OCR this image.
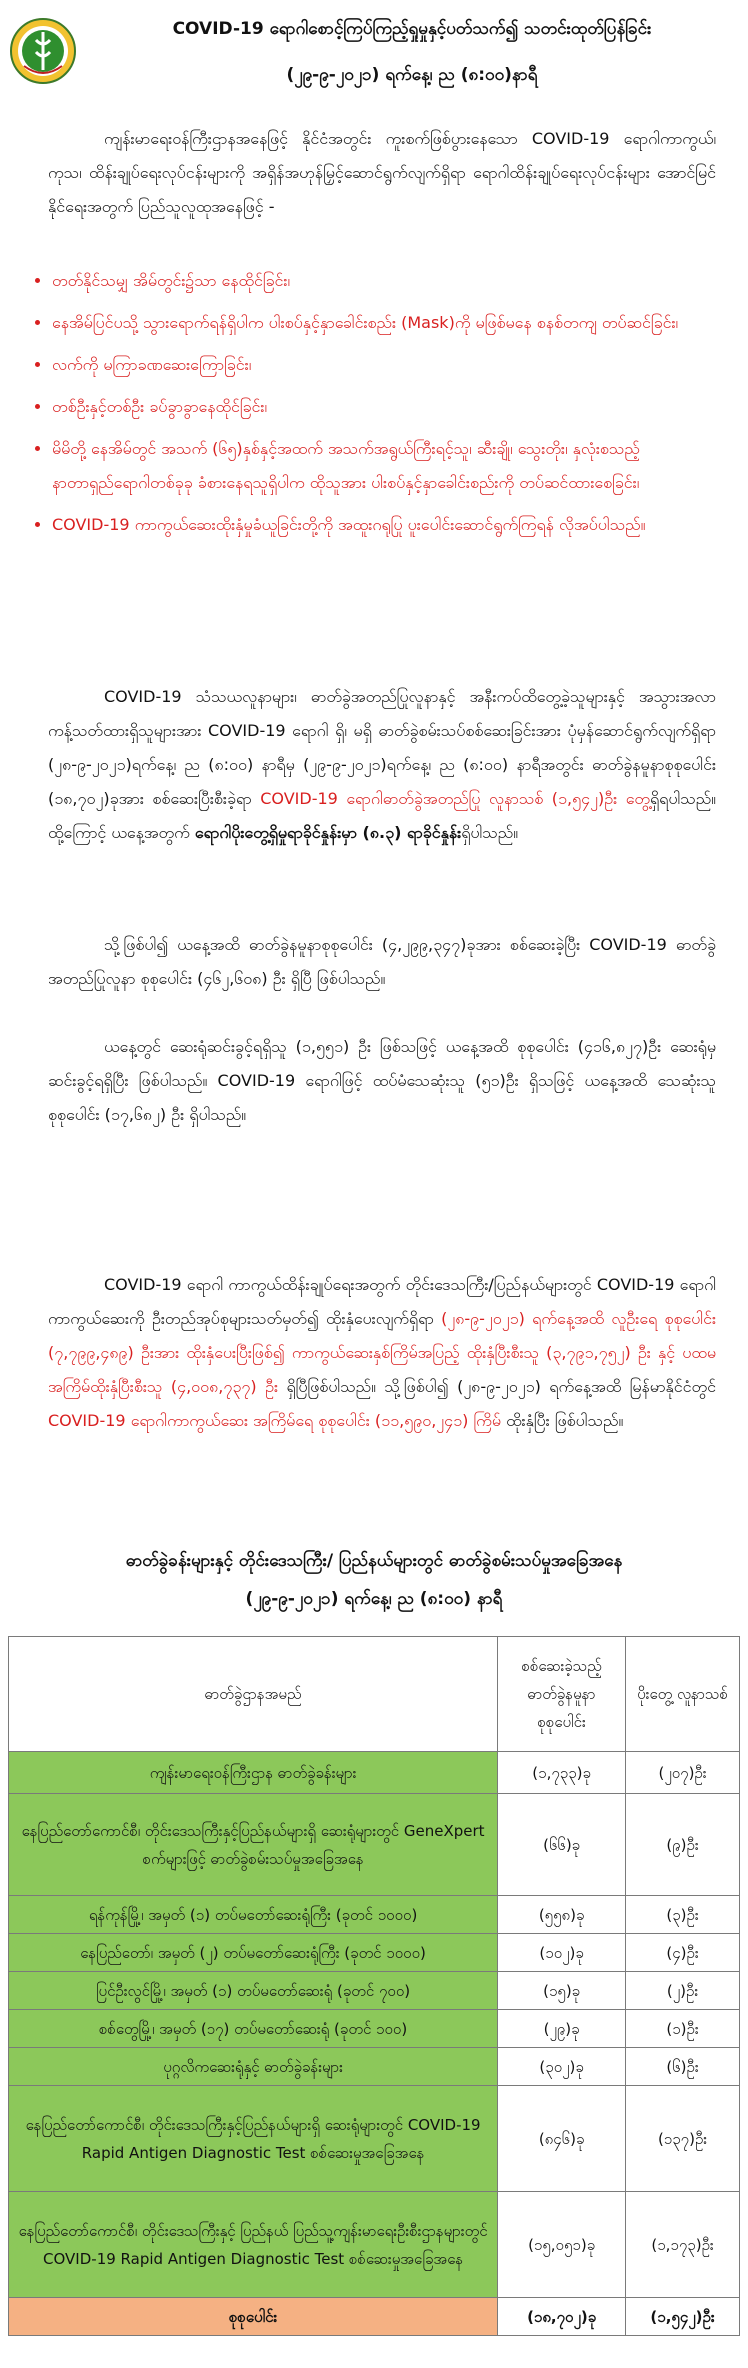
COVID-19 ရောဂါစောင့်ကြပ်ကြည့်ရှုမှုနှင့်ပတ်သက်၍ သတင်းထုတ်ပြန်ခြင်း
(၂၉-၉-၂၀၂၁) ရက်နေ့၊ ည (၈:၀၀)နာရီ
ကျန်းမာရေးဝန်ကြီးဌာနအနေဖြင့် နိုင်ငံအတွင်း ကူးစက်ဖြစ်ပွားနေသော COVID-19 ရောဂါကာကွယ်၊ ကုသ၊ ထိန်းချုပ်ရေးလုပ်ငန်းများကို အရှိန်အဟုန်မြှင့်ဆောင်ရွက်လျက်ရှိရာ ရောဂါထိန်းချုပ်ရေးလုပ်ငန်းများ အောင်မြင်နိုင်ရေးအတွက် ပြည်သူလူထုအနေဖြင့် -
• တတ်နိုင်သမျှ အိမ်တွင်း၌သာ နေထိုင်ခြင်း၊
• နေအိမ်ပြင်ပသို့ သွားရောက်ရန်ရှိပါက ပါးစပ်နှင့်နှာခေါင်းစည်း (Mask)ကို မဖြစ်မနေ စနစ်တကျ တပ်ဆင်ခြင်း၊
• လက်ကို မကြာခဏဆေးကြောခြင်း၊
• တစ်ဦးနှင့်တစ်ဦး ခပ်ခွာခွာနေထိုင်ခြင်း၊
• မိမိတို့ နေအိမ်တွင် အသက် (၆၅)နှစ်နှင့်အထက် အသက်အရွယ်ကြီးရင့်သူ၊ ဆီးချို၊ သွေးတိုး၊ နှလုံးစသည့် နာတာရှည်ရောဂါတစ်ခုခု ခံစားနေရသူရှိပါက ထိုသူအား ပါးစပ်နှင့်နှာခေါင်းစည်းကို တပ်ဆင်ထားစေခြင်း၊
• COVID-19 ကာကွယ်ဆေးထိုးနှံမှုခံယူခြင်းတို့ကို အထူးဂရုပြု ပူးပေါင်းဆောင်ရွက်ကြရန် လိုအပ်ပါသည်။
COVID-19 သံသယလူနာများ၊ ဓာတ်ခွဲအတည်ပြုလူနာနှင့် အနီးကပ်ထိတွေ့ခဲ့သူများနှင့် အသွားအလာကန့်သတ်ထားရှိသူများအား COVID-19 ရောဂါ ရှိ၊ မရှိ ဓာတ်ခွဲစမ်းသပ်စစ်ဆေးခြင်းအား ပုံမှန်ဆောင်ရွက်လျက်ရှိရာ (၂၈-၉-၂၀၂၁)ရက်နေ့၊ ည (၈:၀၀) နာရီမှ (၂၉-၉-၂၀၂၁)ရက်နေ့၊ ည (၈:၀၀) နာရီအတွင်း ဓာတ်ခွဲနမူနာစုစုပေါင်း (၁၈,၇၀၂)ခုအား စစ်ဆေးပြီးစီးခဲ့ရာ COVID-19 ရောဂါဓာတ်ခွဲအတည်ပြု လူနာသစ် (၁,၅၄၂)ဦး တွေ့ရှိရပါသည်။ ထို့ကြောင့် ယနေ့အတွက် ရောဂါပိုးတွေ့ရှိမှုရာခိုင်နှုန်းမှာ (၈.၃) ရာခိုင်နှုန်းရှိပါသည်။
သို့ဖြစ်ပါ၍ ယနေ့အထိ ဓာတ်ခွဲနမူနာစုစုပေါင်း (၄,၂၉၉,၃၄၇)ခုအား စစ်ဆေးခဲ့ပြီး COVID-19 ဓာတ်ခွဲ အတည်ပြုလူနာ စုစုပေါင်း (၄၆၂,၆၀၈) ဦး ရှိပြီ ဖြစ်ပါသည်။
ယနေ့တွင် ဆေးရုံဆင်းခွင့်ရရှိသူ (၁,၅၅၁) ဦး ဖြစ်သဖြင့် ယနေ့အထိ စုစုပေါင်း (၄၁၆,၈၂၇)ဦး ဆေးရုံမှ ဆင်းခွင့်ရရှိပြီး ဖြစ်ပါသည်။ COVID-19 ရောဂါဖြင့် ထပ်မံသေဆုံးသူ (၅၁)ဦး ရှိသဖြင့် ယနေ့အထိ သေဆုံးသူစုစုပေါင်း (၁၇,၆၈၂) ဦး ရှိပါသည်။
COVID-19 ရောဂါ ကာကွယ်ထိန်းချုပ်ရေးအတွက် တိုင်းဒေသကြီး/ပြည်နယ်များတွင် COVID-19 ရောဂါကာကွယ်ဆေးကို ဦးတည်အုပ်စုများသတ်မှတ်၍ ထိုးနှံပေးလျက်ရှိရာ (၂၈-၉-၂၀၂၁) ရက်နေ့အထိ လူဦးရေ စုစုပေါင်း (၇,၇၉၉,၄၈၉) ဦးအား ထိုးနှံပေးပြီးဖြစ်၍ ကာကွယ်ဆေးနှစ်ကြိမ်အပြည့် ထိုးနှံပြီးစီးသူ (၃,၇၉၁,၇၅၂) ဦး နှင့် ပထမအကြိမ်ထိုးနှံပြီးစီးသူ (၄,၀၀၈,၇၃၇) ဦး ရှိပြီဖြစ်ပါသည်။ သို့ဖြစ်ပါ၍ (၂၈-၉-၂၀၂၁) ရက်နေ့အထိ မြန်မာနိုင်ငံတွင် COVID-19 ရောဂါကာကွယ်ဆေး အကြိမ်ရေ စုစုပေါင်း (၁၁,၅၉၀,၂၄၁) ကြိမ် ထိုးနှံပြီး ဖြစ်ပါသည်။
ဓာတ်ခွဲခန်းများနှင့် တိုင်းဒေသကြီး/ ပြည်နယ်များတွင် ဓာတ်ခွဲစမ်းသပ်မှုအခြေအနေ
(၂၉-၉-၂၀၂၁) ရက်နေ့၊ ည (၈:၀၀) နာရီ
ဓာတ်ခွဲဌာနအမည်	စစ်ဆေးခဲ့သည့် ဓာတ်ခွဲနမူနာ စုစုပေါင်း	ပိုးတွေ့ လူနာသစ်
ကျန်းမာရေးဝန်ကြီးဌာန ဓာတ်ခွဲခန်းများ	(၁,၇၃၃)ခု	(၂၀၇)ဦး
နေပြည်တော်ကောင်စီ၊ တိုင်းဒေသကြီးနှင့်ပြည်နယ်များရှိ ဆေးရုံများတွင် GeneXpert စက်များဖြင့် ဓာတ်ခွဲစမ်းသပ်မှုအခြေအနေ	(၆၆)ခု	(၉)ဦး
ရန်ကုန်မြို့၊ အမှတ် (၁) တပ်မတော်ဆေးရုံကြီး (ခုတင် ၁၀၀၀)	(၅၅၈)ခု	(၃)ဦး
နေပြည်တော်၊ အမှတ် (၂) တပ်မတော်ဆေးရုံကြီး (ခုတင် ၁၀၀၀)	(၁၀၂)ခု	(၄)ဦး
ပြင်ဦးလွင်မြို့၊ အမှတ် (၁) တပ်မတော်ဆေးရုံ (ခုတင် ၇၀၀)	(၁၅)ခု	(၂)ဦး
စစ်တွေမြို့၊ အမှတ် (၁၇) တပ်မတော်ဆေးရုံ (ခုတင် ၁၀၀)	(၂၉)ခု	(၁)ဦး
ပုဂ္ဂလိကဆေးရုံနှင့် ဓာတ်ခွဲခန်းများ	(၃၀၂)ခု	(၆)ဦး
နေပြည်တော်ကောင်စီ၊ တိုင်းဒေသကြီးနှင့်ပြည်နယ်များရှိ ဆေးရုံများတွင် COVID-19 Rapid Antigen Diagnostic Test စစ်ဆေးမှုအခြေအနေ	(၈၄၆)ခု	(၁၃၇)ဦး
နေပြည်တော်ကောင်စီ၊ တိုင်းဒေသကြီးနှင့် ပြည်နယ် ပြည်သူ့ကျန်းမာရေးဦးစီးဌာနများတွင် COVID-19 Rapid Antigen Diagnostic Test စစ်ဆေးမှုအခြေအနေ	(၁၅,၀၅၁)ခု	(၁,၁၇၃)ဦး
စုစုပေါင်း	(၁၈,၇၀၂)ခု	(၁,၅၄၂)ဦး
